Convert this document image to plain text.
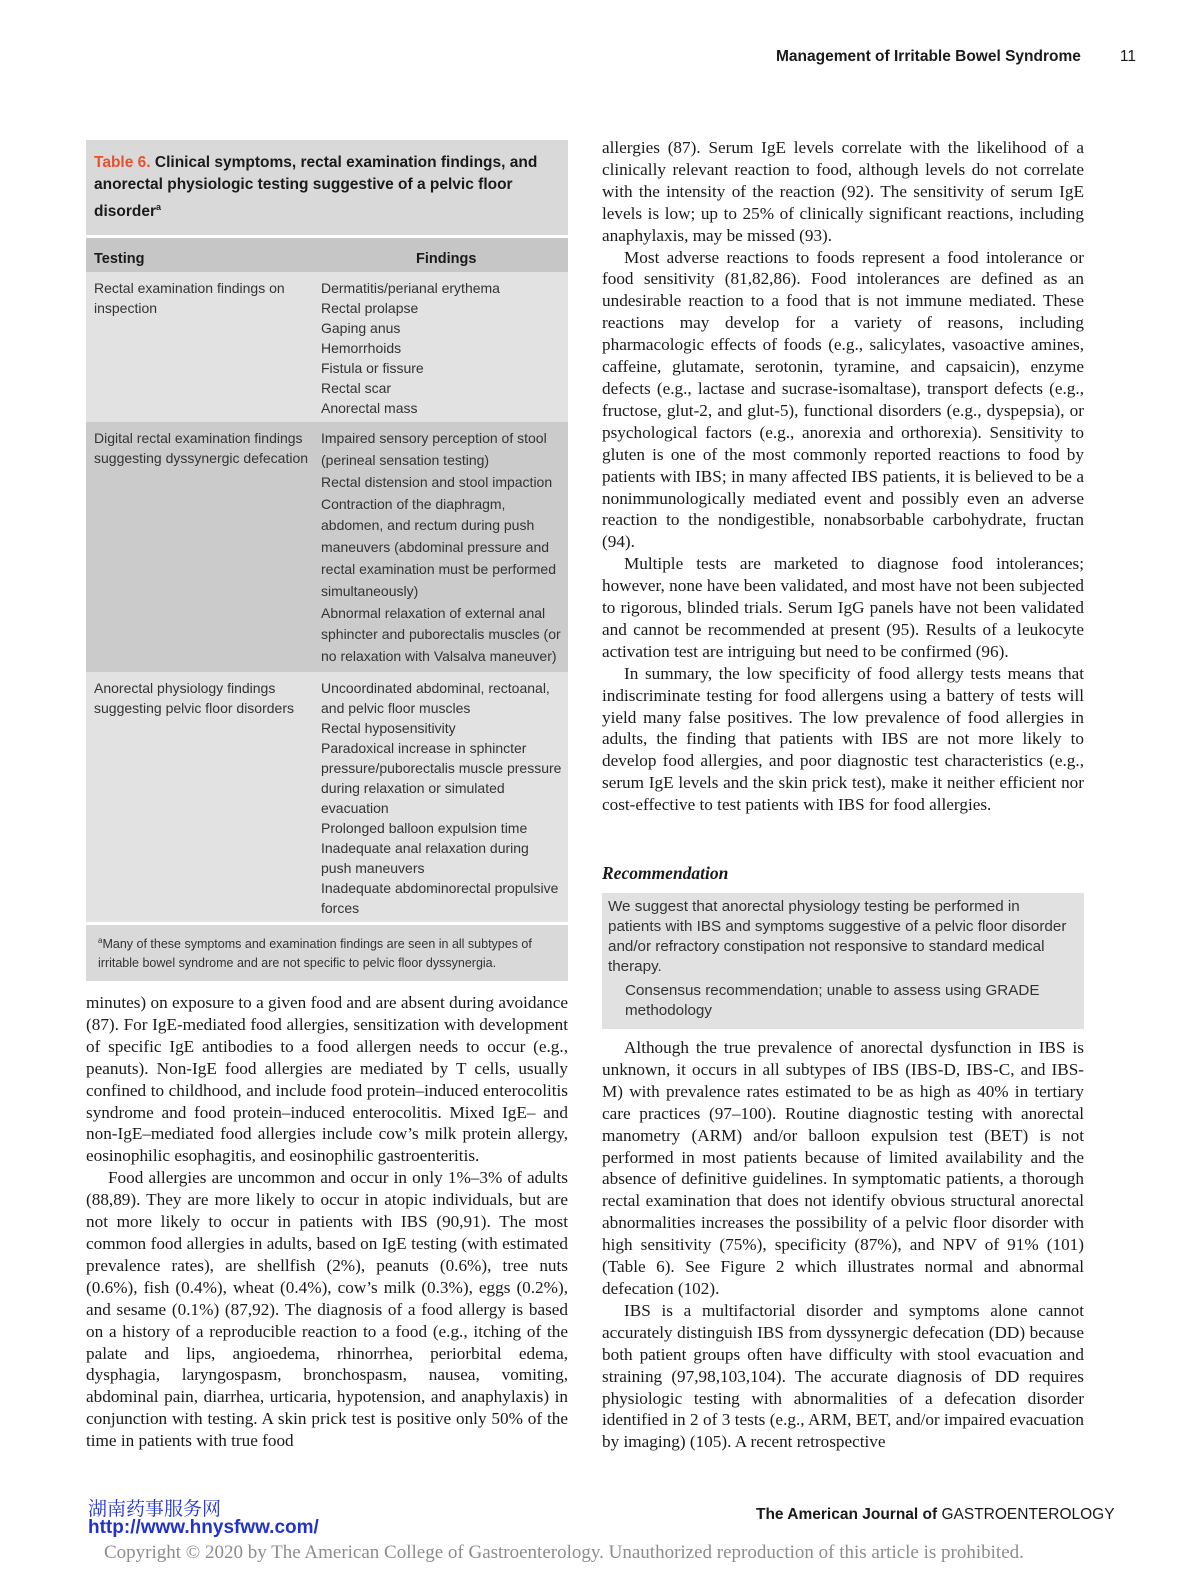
Management of Irritable Bowel Syndrome	11
Table 6. Clinical symptoms, rectal examination findings, and anorectal physiologic testing suggestive of a pelvic floor disorder$^a$
Testing	Findings
Rectal examination findings on inspection
Dermatitis/perianal erythema
Rectal prolapse
Gaping anus
Hemorrhoids
Fistula or fissure
Rectal scar
Anorectal mass
Digital rectal examination findings suggesting dyssynergic defecation
Impaired sensory perception of stool (perineal sensation testing)
Rectal distension and stool impaction
Contraction of the diaphragm, abdomen, and rectum during push maneuvers (abdominal pressure and rectal examination must be performed simultaneously)
Abnormal relaxation of external anal sphincter and puborectalis muscles (or no relaxation with Valsalva maneuver)
Anorectal physiology findings suggesting pelvic floor disorders
Uncoordinated abdominal, rectoanal, and pelvic floor muscles
Rectal hyposensitivity
Paradoxical increase in sphincter pressure/puborectalis muscle pressure during relaxation or simulated evacuation
Prolonged balloon expulsion time
Inadequate anal relaxation during push maneuvers
Inadequate abdominorectal propulsive forces
$^a$Many of these symptoms and examination findings are seen in all subtypes of irritable bowel syndrome and are not specific to pelvic floor dyssynergia.

minutes) on exposure to a given food and are absent during avoidance (87). For IgE-mediated food allergies, sensitization with development of specific IgE antibodies to a food allergen needs to occur (e.g., peanuts). Non-IgE food allergies are mediated by T cells, usually confined to childhood, and include food protein–induced enterocolitis syndrome and food protein–induced enterocolitis. Mixed IgE– and non-IgE–mediated food allergies include cow’s milk protein allergy, eosinophilic esophagitis, and eosinophilic gastroenteritis.

Food allergies are uncommon and occur in only 1%–3% of adults (88,89). They are more likely to occur in atopic individuals, but are not more likely to occur in patients with IBS (90,91). The most common food allergies in adults, based on IgE testing (with estimated prevalence rates), are shellfish (2%), peanuts (0.6%), tree nuts (0.6%), fish (0.4%), wheat (0.4%), cow’s milk (0.3%), eggs (0.2%), and sesame (0.1%) (87,92). The diagnosis of a food allergy is based on a history of a reproducible reaction to a food (e.g., itching of the palate and lips, angioedema, rhinorrhea, periorbital edema, dysphagia, laryngospasm, bronchospasm, nausea, vomiting, abdominal pain, diarrhea, urticaria, hypotension, and anaphylaxis) in conjunction with testing. A skin prick test is positive only 50% of the time in patients with true food

allergies (87). Serum IgE levels correlate with the likelihood of a clinically relevant reaction to food, although levels do not correlate with the intensity of the reaction (92). The sensitivity of serum IgE levels is low; up to 25% of clinically significant reactions, including anaphylaxis, may be missed (93).

Most adverse reactions to foods represent a food intolerance or food sensitivity (81,82,86). Food intolerances are defined as an undesirable reaction to a food that is not immune mediated. These reactions may develop for a variety of reasons, including pharmacologic effects of foods (e.g., salicylates, vasoactive amines, caffeine, glutamate, serotonin, tyramine, and capsaicin), enzyme defects (e.g., lactase and sucrase-isomaltase), transport defects (e.g., fructose, glut-2, and glut-5), functional disorders (e.g., dyspepsia), or psychological factors (e.g., anorexia and orthorexia). Sensitivity to gluten is one of the most commonly reported reactions to food by patients with IBS; in many affected IBS patients, it is believed to be a nonimmunologically mediated event and possibly even an adverse reaction to the nondigestible, nonabsorbable carbohydrate, fructan (94).

Multiple tests are marketed to diagnose food intolerances; however, none have been validated, and most have not been subjected to rigorous, blinded trials. Serum IgG panels have not been validated and cannot be recommended at present (95). Results of a leukocyte activation test are intriguing but need to be confirmed (96).

In summary, the low specificity of food allergy tests means that indiscriminate testing for food allergens using a battery of tests will yield many false positives. The low prevalence of food allergies in adults, the finding that patients with IBS are not more likely to develop food allergies, and poor diagnostic test characteristics (e.g., serum IgE levels and the skin prick test), make it neither efficient nor cost-effective to test patients with IBS for food allergies.

Recommendation

We suggest that anorectal physiology testing be performed in patients with IBS and symptoms suggestive of a pelvic floor disorder and/or refractory constipation not responsive to standard medical therapy.

Consensus recommendation; unable to assess using GRADE methodology

Although the true prevalence of anorectal dysfunction in IBS is unknown, it occurs in all subtypes of IBS (IBS-D, IBS-C, and IBS-M) with prevalence rates estimated to be as high as 40% in tertiary care practices (97–100). Routine diagnostic testing with anorectal manometry (ARM) and/or balloon expulsion test (BET) is not performed in most patients because of limited availability and the absence of definitive guidelines. In symptomatic patients, a thorough rectal examination that does not identify obvious structural anorectal abnormalities increases the possibility of a pelvic floor disorder with high sensitivity (75%), specificity (87%), and NPV of 91% (101) (Table 6). See Figure 2 which illustrates normal and abnormal defecation (102).

IBS is a multifactorial disorder and symptoms alone cannot accurately distinguish IBS from dyssynergic defecation (DD) because both patient groups often have difficulty with stool evacuation and straining (97,98,103,104). The accurate diagnosis of DD requires physiologic testing with abnormalities of a defecation disorder identified in 2 of 3 tests (e.g., ARM, BET, and/or impaired evacuation by imaging) (105). A recent retrospective

湖南药事服务网
http://www.hnysfww.com/
The American Journal of GASTROENTEROLOGY
Copyright © 2020 by The American College of Gastroenterology. Unauthorized reproduction of this article is prohibited.
